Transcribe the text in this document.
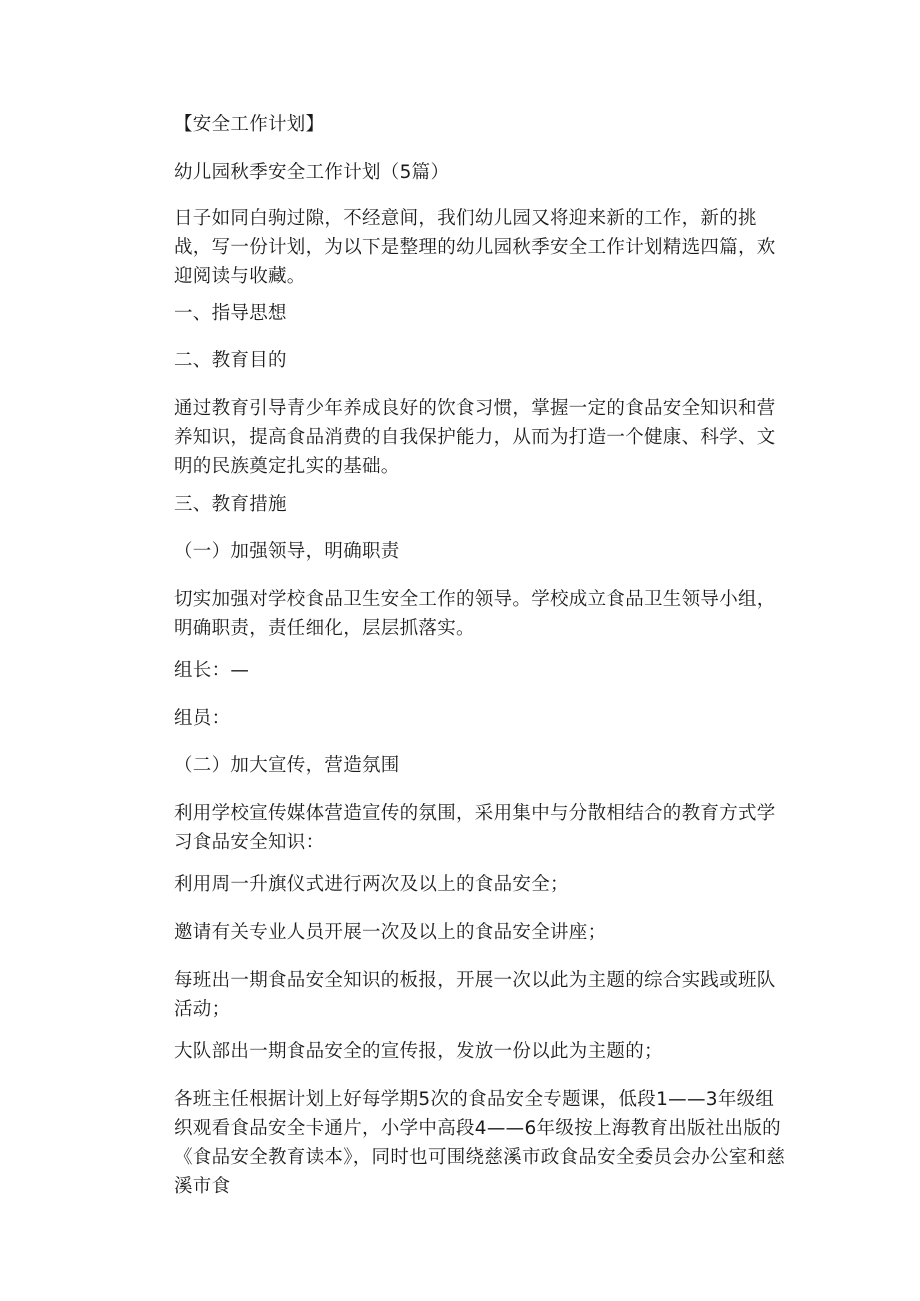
【安全工作计划】

幼儿园秋季安全工作计划（5篇）

日子如同白驹过隙，不经意间，我们幼儿园又将迎来新的工作，新的挑战，写一份计划，为以下是整理的幼儿园秋季安全工作计划精选四篇，欢迎阅读与收藏。

一、指导思想

二、教育目的

通过教育引导青少年养成良好的饮食习惯，掌握一定的食品安全知识和营养知识，提高食品消费的自我保护能力，从而为打造一个健康、科学、文明的民族奠定扎实的基础。

三、教育措施

（一）加强领导，明确职责

切实加强对学校食品卫生安全工作的领导。学校成立食品卫生领导小组，明确职责，责任细化，层层抓落实。

组长：—

组员：

（二）加大宣传，营造氛围

利用学校宣传媒体营造宣传的氛围，采用集中与分散相结合的教育方式学习食品安全知识：

利用周一升旗仪式进行两次及以上的食品安全；

邀请有关专业人员开展一次及以上的食品安全讲座；

每班出一期食品安全知识的板报，开展一次以此为主题的综合实践或班队活动；

大队部出一期食品安全的宣传报，发放一份以此为主题的；

各班主任根据计划上好每学期5次的食品安全专题课，低段1——3年级组织观看食品安全卡通片，小学中高段4——6年级按上海教育出版社出版的《食品安全教育读本》，同时也可围绕慈溪市政食品安全委员会办公室和慈溪市食
